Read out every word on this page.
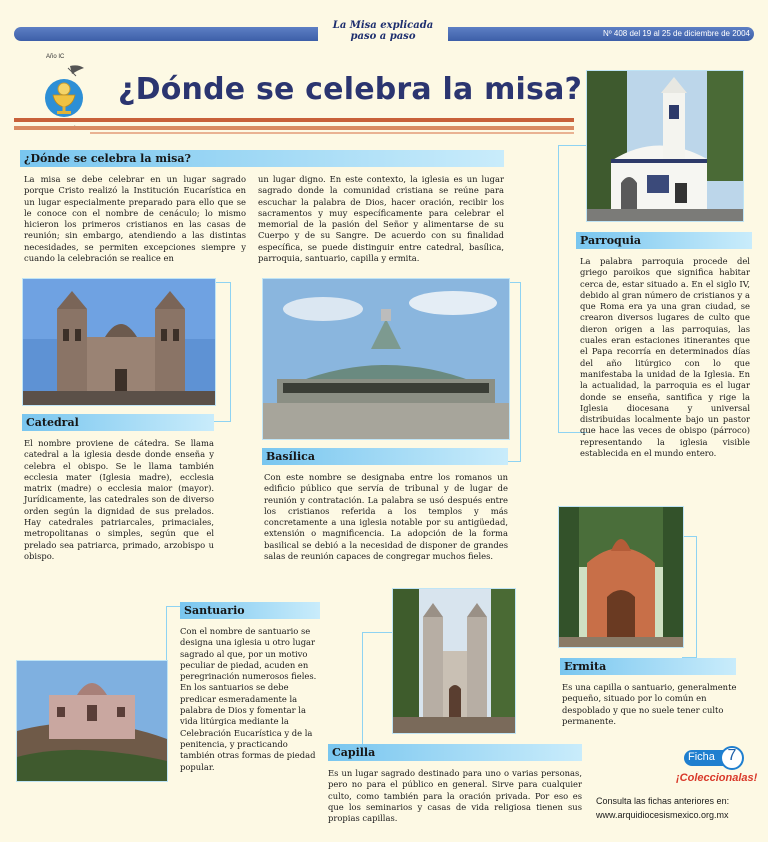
La Misa explicada
paso a paso	Nº 408 del 19 al 25 de diciembre de 2004
Año IC
¿Dónde se celebra la misa?
¿Dónde se celebra la misa?

La misa se debe celebrar en un lugar sagrado porque Cristo realizó la Institución Eucarística en un lugar especialmente preparado para ello que se le conoce con el nombre de cenáculo; lo mismo hicieron los primeros cristianos en las casas de reunión; sin embargo, atendiendo a las distintas necesidades, se permiten excepciones siempre y cuando la celebración se realice en

un lugar digno. En este contexto, la iglesia es un lugar sagrado donde la comunidad cristiana se reúne para escuchar la palabra de Dios, hacer oración, recibir los sacramentos y muy específicamente para celebrar el memorial de la pasión del Señor y alimentarse de su Cuerpo y de su Sangre. De acuerdo con su finalidad específica, se puede distinguir entre catedral, basílica, parroquia, santuario, capilla y ermita.

Parroquia

La palabra parroquia procede del griego paroikos que significa habitar cerca de, estar situado a. En el siglo IV, debido al gran número de cristianos y a que Roma era ya una gran ciudad, se crearon diversos lugares de culto que dieron origen a las parroquias, las cuales eran estaciones itinerantes que el Papa recorría en determinados días del año litúrgico con lo que manifestaba la unidad de la Iglesia. En la actualidad, la parroquia es el lugar donde se enseña, santifica y rige la Iglesia diocesana y universal distribuidas localmente bajo un pastor que hace las veces de obispo (párroco) representando la iglesia visible establecida en el mundo entero.

Catedral

El nombre proviene de cátedra. Se llama catedral a la iglesia desde donde enseña y celebra el obispo. Se le llama también ecclesia mater (Iglesia madre), ecclesia matrix (madre) o ecclesia maior (mayor). Jurídicamente, las catedrales son de diverso orden según la dignidad de sus prelados. Hay catedrales patriarcales, primaciales, metropolitanas o simples, según que el prelado sea patriarca, primado, arzobispo u obispo.

Basílica

Con este nombre se designaba entre los romanos un edificio público que servía de tribunal y de lugar de reunión y contratación. La palabra se usó después entre los cristianos referida a los templos y más concretamente a una iglesia notable por su antigüedad, extensión o magnificencia. La adopción de la forma basilical se debió a la necesidad de disponer de grandes salas de reunión capaces de congregar muchos fieles.

Santuario

Con el nombre de santuario se designa una iglesia u otro lugar sagrado al que, por un motivo peculiar de piedad, acuden en peregrinación numerosos fieles. En los santuarios se debe predicar esmeradamente la palabra de Dios y fomentar la vida litúrgica mediante la Celebración Eucarística y de la penitencia, y practicando también otras formas de piedad popular.

Capilla

Es un lugar sagrado destinado para uno o varias personas, pero no para el público en general. Sirve para cualquier culto, como también para la oración privada. Por eso es que los seminarios y casas de vida religiosa tienen sus propias capillas.

Ermita

Es una capilla o santuario, generalmente pequeño, situado por lo común en despoblado y que no suele tener culto permanente.

Ficha 7
¡Coleccionalas!
Consulta las fichas anteriores en:
www.arquidiocesismexico.org.mx
